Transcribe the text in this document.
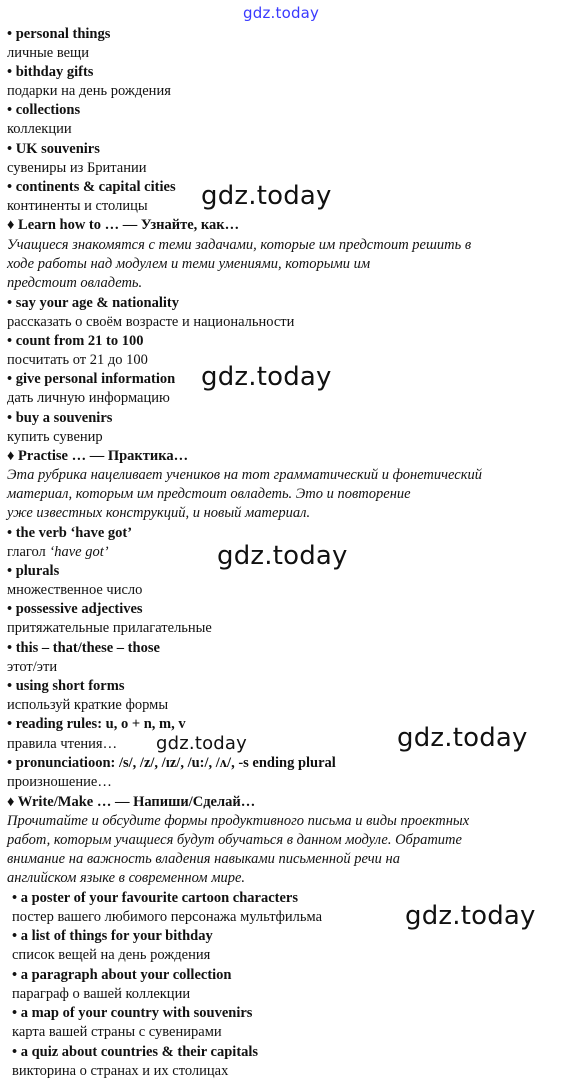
gdz.today
• personal things
личные вещи
• bithday gifts
подарки на день рождения
• collections
коллекции
• UK souvenirs
сувениры из Британии
• continents & capital cities
континенты и столицы gdz.today
♦ Learn how to … — Узнайте, как…
Учащиеся знакомятся с теми задачами, которые им предстоит решить в
ходе работы над модулем и теми умениями, которыми им
предстоит овладеть.
• say your age & nationality
рассказать о своём возрасте и национальности
• count from 21 to 100
посчитать от 21 до 100
• give personal information
дать личную информацию
• buy a souvenirs
купить сувенир
gdz.today
♦ Practise … — Практика…
Эта рубрика нацеливает учеников на тот грамматический и фонетический
материал, которым им предстоит овладеть. Это и повторение
уже известных конструкций, и новый материал.
• the verb ‘have got’
глагол ‘have got’
• plurals
множественное число
• possessive adjectives
притяжательные прилагательные
• this – that/these – those
этот/эти
• using short forms
используй краткие формы
• reading rules: u, o + n, m, v
правила чтения…
• pronunciatioon: /s/, /z/, /ɪz/, /u:/, /ʌ/, -s ending plural
произношение…
gdz.today
gdz.today	gdz.today
♦ Write/Make … — Напиши/Сделай…
Прочитайте и обсудите формы продуктивного письма и виды проектных
работ, которым учащиеся будут обучаться в данном модуле. Обратите
внимание на важность владения навыками письменной речи на
английском языке в современном мире.
• a poster of your favourite cartoon characters
постер вашего любимого персонажа мультфильма
• a list of things for your bithday
список вещей на день рождения
• a paragraph about your collection
параграф о вашей коллекции
• a map of your country with souvenirs
карта вашей страны с сувенирами
• a quiz about countries & their capitals
викторина о странах и их столицах
gdz.today
